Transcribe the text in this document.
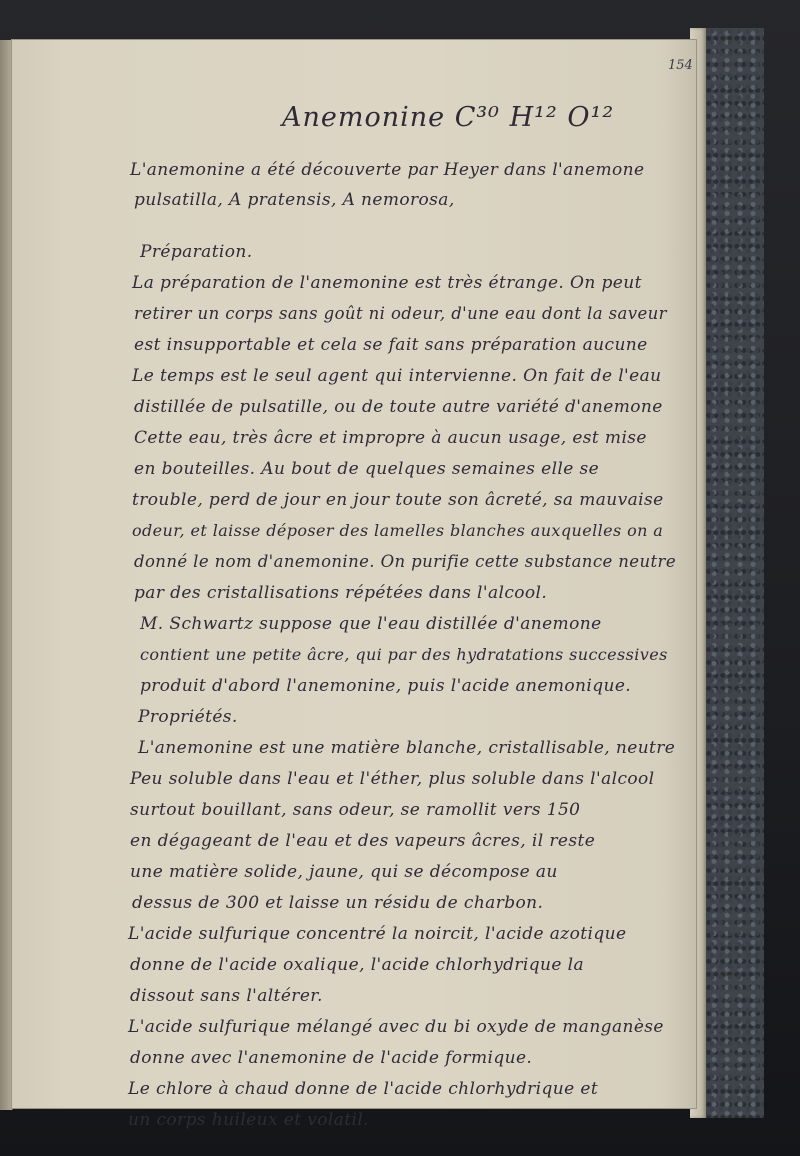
154
Anemonine C³⁰ H¹² O¹²
L'anemonine a été découverte par Heyer dans l'anemone
pulsatilla, A pratensis, A nemorosa,
Préparation.
La préparation de l'anemonine est très étrange. On peut
retirer un corps sans goût ni odeur, d'une eau dont la saveur
est insupportable et cela se fait sans préparation aucune
Le temps est le seul agent qui intervienne. On fait de l'eau
distillée de pulsatille, ou de toute autre variété d'anemone
Cette eau, très âcre et impropre à aucun usage, est mise
en bouteilles. Au bout de quelques semaines elle se
trouble, perd de jour en jour toute son âcreté, sa mauvaise
odeur, et laisse déposer des lamelles blanches auxquelles on a
donné le nom d'anemonine. On purifie cette substance neutre
par des cristallisations répétées dans l'alcool.
M. Schwartz suppose que l'eau distillée d'anemone
contient une petite âcre, qui par des hydratations successives
produit d'abord l'anemonine, puis l'acide anemonique.
Propriétés.
L'anemonine est une matière blanche, cristallisable, neutre
Peu soluble dans l'eau et l'éther, plus soluble dans l'alcool
surtout bouillant, sans odeur, se ramollit vers 150
en dégageant de l'eau et des vapeurs âcres, il reste
une matière solide, jaune, qui se décompose au
dessus de 300 et laisse un résidu de charbon.
L'acide sulfurique concentré la noircit, l'acide azotique
donne de l'acide oxalique, l'acide chlorhydrique la
dissout sans l'altérer.
L'acide sulfurique mélangé avec du bi oxyde de manganèse
donne avec l'anemonine de l'acide formique.
Le chlore à chaud donne de l'acide chlorhydrique et
un corps huileux et volatil.
